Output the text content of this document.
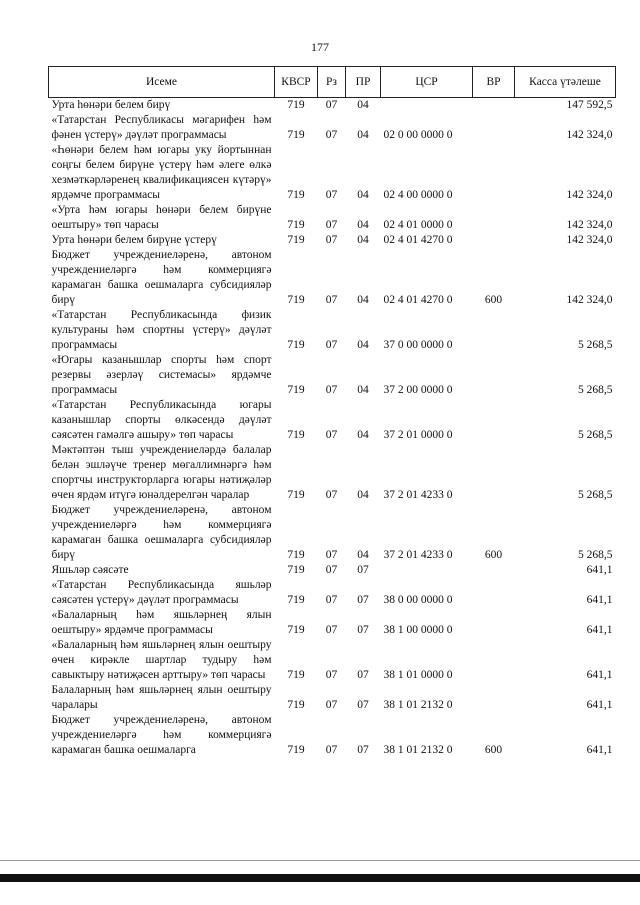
177
Исеме	КВСР	Рз	ПР	ЦСР	ВР	Касса үтәлеше
Урта һөнәри белем бирү	719	07	04			147 592,5
«Татарстан Республикасы мәгарифен һәм фәнен үстерү» дәүләт программасы	719	07	04	02 0 00 0000 0		142 324,0
«Һөнәри белем һәм югары уку йортыннан соңгы белем бирүне үстерү һәм әлеге өлкә хезмәткәрләренең квалификациясен күтәрү» ярдәмче программасы	719	07	04	02 4 00 0000 0		142 324,0
«Урта һәм югары һөнәри белем бирүне оештыру» төп чарасы	719	07	04	02 4 01 0000 0		142 324,0
Урта һөнәри белем бирүне үстерү	719	07	04	02 4 01 4270 0		142 324,0
Бюджет учреждениеләренә, автоном учреждениеләргә һәм коммерциягә карамаган башка оешмаларга субсидияләр бирү	719	07	04	02 4 01 4270 0	600	142 324,0
«Татарстан Республикасында физик культураны һәм спортны үстерү» дәүләт программасы	719	07	04	37 0 00 0000 0		5 268,5
«Югары казанышлар спорты һәм спорт резервы әзерләү системасы» ярдәмче программасы	719	07	04	37 2 00 0000 0		5 268,5
«Татарстан Республикасында югары казанышлар спорты өлкәсендә дәүләт сәясәтен гамәлгә ашыру» төп чарасы	719	07	04	37 2 01 0000 0		5 268,5
Мәктәптән тыш учреждениеләрдә балалар белән эшләүче тренер мөгаллимнәргә һәм спортчы инструкторларга югары нәтиҗәләр өчен ярдәм итүгә юнәлдерелгән чаралар	719	07	04	37 2 01 4233 0		5 268,5
Бюджет учреждениеләренә, автоном учреждениеләргә һәм коммерциягә карамаган башка оешмаларга субсидияләр бирү	719	07	04	37 2 01 4233 0	600	5 268,5
Яшьләр сәясәте	719	07	07			641,1
«Татарстан Республикасында яшьләр сәясәтен үстерү» дәүләт программасы	719	07	07	38 0 00 0000 0		641,1
«Балаларның һәм яшьләрнең ялын оештыру» ярдәмче программасы	719	07	07	38 1 00 0000 0		641,1
«Балаларның һәм яшьләрнең ялын оештыру өчен кирәкле шартлар тудыру һәм савыктыру нәтиҗәсен арттыру» төп чарасы	719	07	07	38 1 01 0000 0		641,1
Балаларның һәм яшьләрнең ялын оештыру чаралары	719	07	07	38 1 01 2132 0		641,1
Бюджет учреждениеләренә, автоном учреждениеләргә һәм коммерциягә карамаган башка оешмаларга	719	07	07	38 1 01 2132 0	600	641,1
